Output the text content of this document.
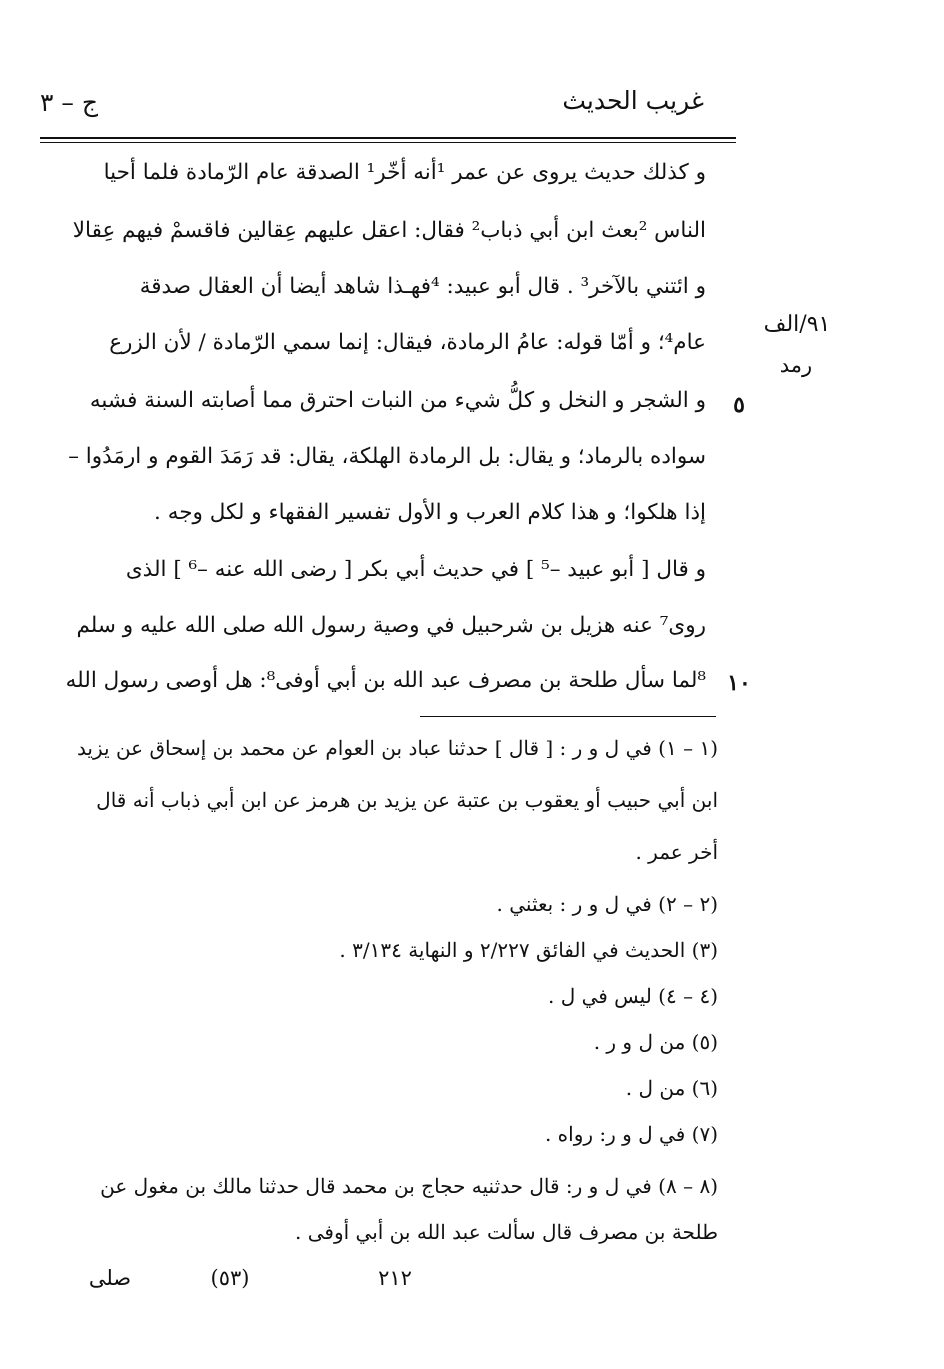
غريب الحديث
ج – ٣
٩١/الف
رمد
٥
١٠
و كذلك حديث يروى عن عمر ¹أنه أخّر¹ الصدقة عام الرّمادة فلما أحيا
الناس ²بعث ابن أبي ذباب² فقال: اعقل عليهم عِقالين فاقسمْ فيهم عِقالا
و ائتني بالآخر³ . قال أبو عبيد: ⁴فهـذا شاهد أيضا أن العقال صدقة
عام⁴؛ و أمّا قوله: عامُ الرمادة، فيقال: إنما سمي الرّمادة / لأن الزرع
و الشجر و النخل و كلُّ شيء من النبات احترق مما أصابته السنة فشبه
سواده بالرماد؛ و يقال: بل الرمادة الهلكة، يقال: قد رَمَدَ القوم و ارمَدُوا –
إذا هلكوا؛ و هذا كلام العرب و الأول تفسير الفقهاء و لكل وجه .
و قال [ أبو عبيد –⁵ ] في حديث أبي بكر [ رضى الله عنه –⁶ ] الذى
روى⁷ عنه هزيل بن شرحبيل في وصية رسول الله صلى الله عليه و سلم
⁸لما سأل طلحة بن مصرف عبد الله بن أبي أوفى⁸: هل أوصى رسول الله
(١ – ١) في ل و ر : [ قال ] حدثنا عباد بن العوام عن محمد بن إسحاق عن يزيد
ابن أبي حبيب أو يعقوب بن عتبة عن يزيد بن هرمز عن ابن أبي ذباب أنه قال
أخر عمر .
(٢ – ٢) في ل و ر : بعثني .
(٣) الحديث في الفائق ٢/٢٢٧ و النهاية ٣/١٣٤ .
(٤ – ٤) ليس في ل .
(٥) من ل و ر .
(٦) من ل .
(٧) في ل و ر: رواه .
(٨ – ٨) في ل و ر: قال حدثنيه حجاج بن محمد قال حدثنا مالك بن مغول عن
طلحة بن مصرف قال سألت عبد الله بن أبي أوفى .
صلى	(٥٣)	٢١٢
